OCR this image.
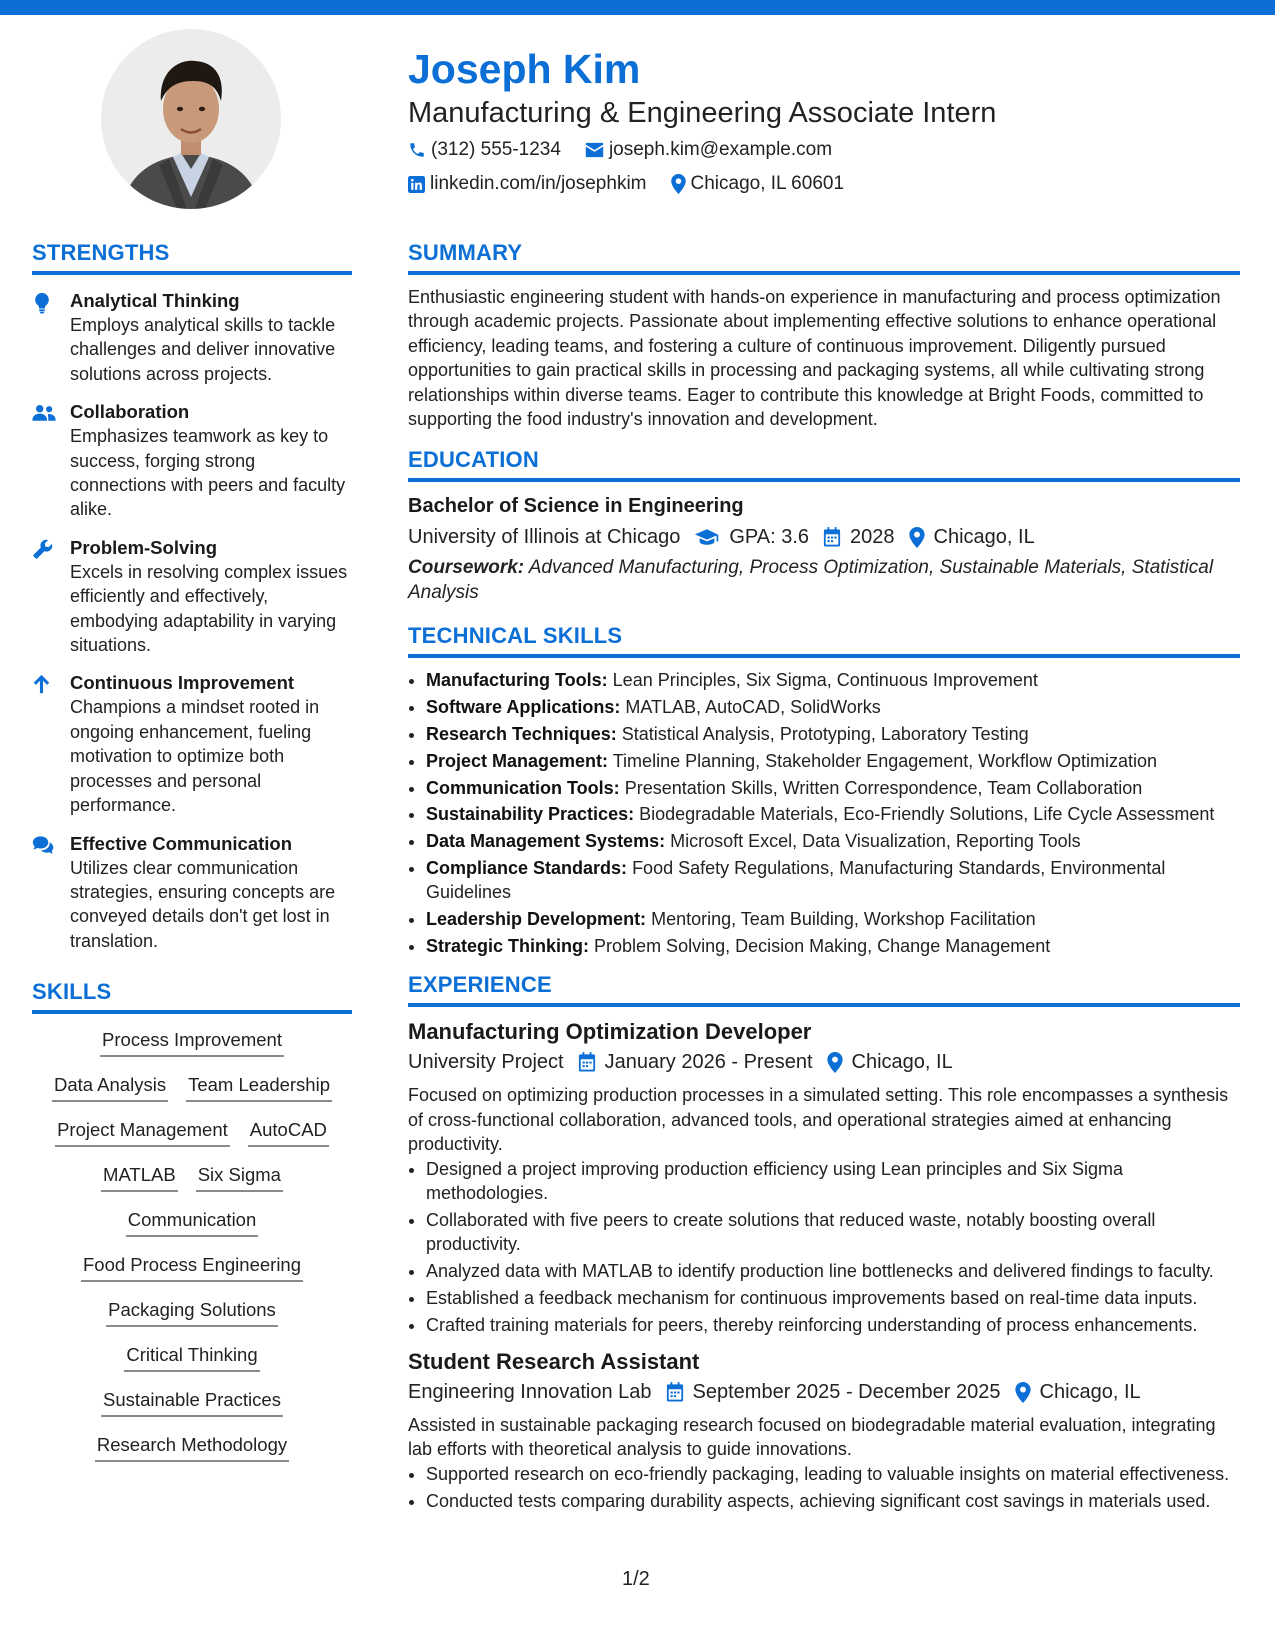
Joseph Kim
Manufacturing & Engineering Associate Intern
(312) 555-1234	joseph.kim@example.com
linkedin.com/in/josephkim Chicago, IL 60601
STRENGTHS
Analytical Thinking
Employs analytical skills to tackle challenges and deliver innovative solutions across projects.
Collaboration
Emphasizes teamwork as key to success, forging strong connections with peers and faculty alike.
Problem-Solving
Excels in resolving complex issues efficiently and effectively, embodying adaptability in varying situations.
Continuous Improvement
Champions a mindset rooted in ongoing enhancement, fueling motivation to optimize both processes and personal performance.
Effective Communication
Utilizes clear communication strategies, ensuring concepts are conveyed details don't get lost in translation.
SKILLS
Process Improvement
Data Analysis Team Leadership
Project Management AutoCAD
MATLAB Six Sigma
Communication
Food Process Engineering
Packaging Solutions
Critical Thinking
Sustainable Practices
Research Methodology
SUMMARY

Enthusiastic engineering student with hands-on experience in manufacturing and process optimization through academic projects. Passionate about implementing effective solutions to enhance operational efficiency, leading teams, and fostering a culture of continuous improvement. Diligently pursued opportunities to gain practical skills in processing and packaging systems, all while cultivating strong relationships within diverse teams. Eager to contribute this knowledge at Bright Foods, committed to supporting the food industry's innovation and development.

EDUCATION
Bachelor of Science in Engineering
University of Illinois at Chicago GPA: 3.6 2028 Chicago, IL
Coursework: Advanced Manufacturing, Process Optimization, Sustainable Materials, Statistical Analysis
TECHNICAL SKILLS
• Manufacturing Tools: Lean Principles, Six Sigma, Continuous Improvement
• Software Applications: MATLAB, AutoCAD, SolidWorks
• Research Techniques: Statistical Analysis, Prototyping, Laboratory Testing
• Project Management: Timeline Planning, Stakeholder Engagement, Workflow Optimization
• Communication Tools: Presentation Skills, Written Correspondence, Team Collaboration
• Sustainability Practices: Biodegradable Materials, Eco-Friendly Solutions, Life Cycle Assessment
• Data Management Systems: Microsoft Excel, Data Visualization, Reporting Tools
• Compliance Standards: Food Safety Regulations, Manufacturing Standards, Environmental Guidelines
• Leadership Development: Mentoring, Team Building, Workshop Facilitation
• Strategic Thinking: Problem Solving, Decision Making, Change Management
EXPERIENCE
Manufacturing Optimization Developer
University Project January 2026 - Present Chicago, IL

Focused on optimizing production processes in a simulated setting. This role encompasses a synthesis of cross-functional collaboration, advanced tools, and operational strategies aimed at enhancing productivity.

• Designed a project improving production efficiency using Lean principles and Six Sigma methodologies.
• Collaborated with five peers to create solutions that reduced waste, notably boosting overall productivity.
• Analyzed data with MATLAB to identify production line bottlenecks and delivered findings to faculty.
• Established a feedback mechanism for continuous improvements based on real-time data inputs.
• Crafted training materials for peers, thereby reinforcing understanding of process enhancements.
Student Research Assistant
Engineering Innovation Lab September 2025 - December 2025 Chicago, IL

Assisted in sustainable packaging research focused on biodegradable material evaluation, integrating lab efforts with theoretical analysis to guide innovations.

• Supported research on eco-friendly packaging, leading to valuable insights on material effectiveness.
• Conducted tests comparing durability aspects, achieving significant cost savings in materials used.
1/2
